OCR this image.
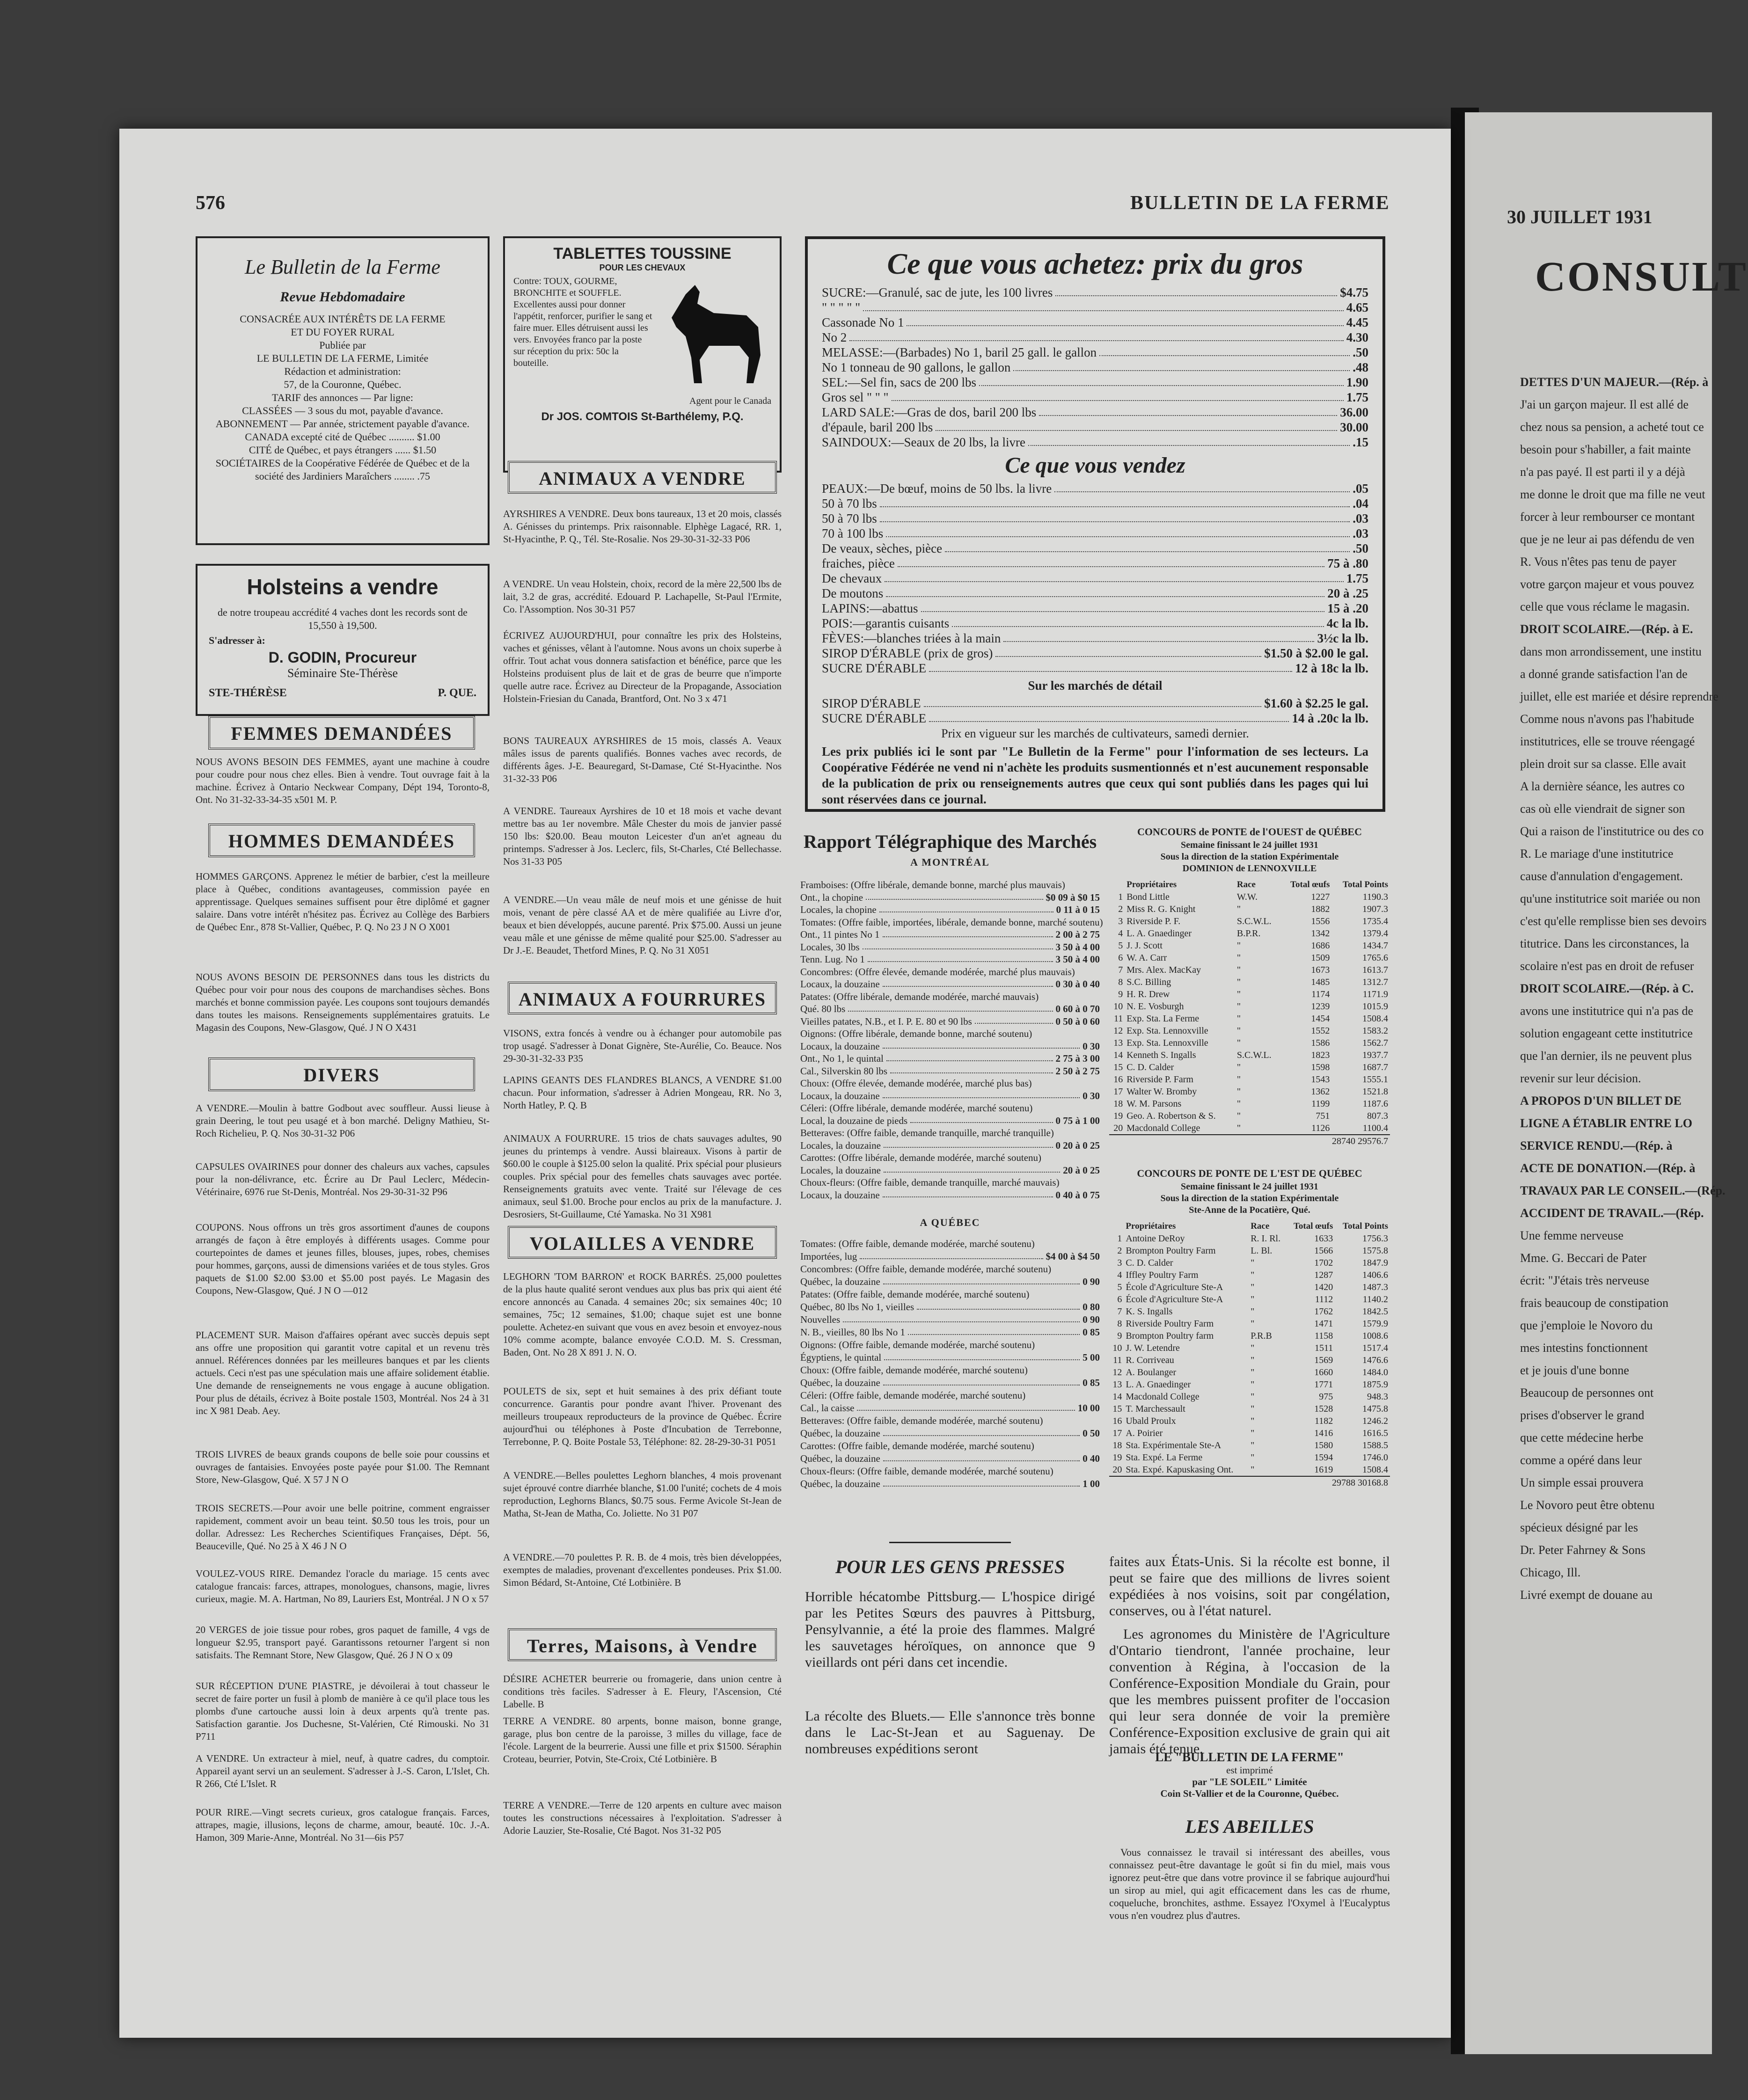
30 JUILLET 1931
CONSULT

DETTES D'UN MAJEUR.—(Rép. à

J'ai un garçon majeur. Il est allé de

chez nous sa pension, a acheté tout ce

besoin pour s'habiller, a fait mainte

n'a pas payé. Il est parti il y a déjà

me donne le droit que ma fille ne veut

forcer à leur rembourser ce montant

que je ne leur ai pas défendu de ven

R. Vous n'êtes pas tenu de payer

votre garçon majeur et vous pouvez

celle que vous réclame le magasin.

DROIT SCOLAIRE.—(Rép. à E.

dans mon arrondissement, une institu

a donné grande satisfaction l'an de

juillet, elle est mariée et désire reprendre

Comme nous n'avons pas l'habitude

institutrices, elle se trouve réengagé

plein droit sur sa classe. Elle avait

A la dernière séance, les autres co

cas où elle viendrait de signer son

Qui a raison de l'institutrice ou des co

R. Le mariage d'une institutrice

cause d'annulation d'engagement.

qu'une institutrice soit mariée ou non

c'est qu'elle remplisse bien ses devoirs

titutrice. Dans les circonstances, la

scolaire n'est pas en droit de refuser

DROIT SCOLAIRE.—(Rép. à C.

avons une institutrice qui n'a pas de

solution engageant cette institutrice

que l'an dernier, ils ne peuvent plus

revenir sur leur décision.

A PROPOS D'UN BILLET DE

LIGNE A ÉTABLIR ENTRE LO

SERVICE RENDU.—(Rép. à

ACTE DE DONATION.—(Rép. à

TRAVAUX PAR LE CONSEIL.—(Rép.

ACCIDENT DE TRAVAIL.—(Rép.

Une femme nerveuse

Mme. G. Beccari de Pater

écrit: "J'étais très nerveuse

frais beaucoup de constipation

que j'emploie le Novoro du

mes intestins fonctionnent

et je jouis d'une bonne

Beaucoup de personnes ont

prises d'observer le grand

que cette médecine herbe

comme a opéré dans leur

Un simple essai prouvera

Le Novoro peut être obtenu

spécieux désigné par les

Dr. Peter Fahrney & Sons

Chicago, Ill.

Livré exempt de douane au

576	BULLETIN DE LA FERME
Le Bulletin de la Ferme
Revue Hebdomadaire
CONSACRÉE AUX INTÉRÊTS DE LA FERME
ET DU FOYER RURAL
Publiée par
LE BULLETIN DE LA FERME, Limitée
Rédaction et administration:
57, de la Couronne, Québec.
TARIF des annonces — Par ligne:
CLASSÉES — 3 sous du mot, payable d'avance.
ABONNEMENT — Par année, strictement payable d'avance.
CANADA excepté cité de Québec .......... $1.00
CITÉ de Québec, et pays étrangers ...... $1.50
SOCIÉTAIRES de la Coopérative Fédérée de Québec et de la société des Jardiniers Maraîchers ........ .75
Holsteins a vendre
de notre troupeau accrédité 4 vaches dont les records sont de 15,550 à 19,500.
S'adresser à:
D. GODIN, Procureur
Séminaire Ste-Thérèse
STE-THÉRÈSE	P. QUE.
FEMMES DEMANDÉES
NOUS AVONS BESOIN DES FEMMES, ayant une machine à coudre pour coudre pour nous chez elles. Bien à vendre. Tout ouvrage fait à la machine. Écrivez à Ontario Neckwear Company, Dépt 194, Toronto-8, Ont. No 31-32-33-34-35 x501 M. P.
HOMMES DEMANDÉES
HOMMES GARÇONS. Apprenez le métier de barbier, c'est la meilleure place à Québec, conditions avantageuses, commission payée en apprentissage. Quelques semaines suffisent pour être diplômé et gagner salaire. Dans votre intérêt n'hésitez pas. Écrivez au Collège des Barbiers de Québec Enr., 878 St-Vallier, Québec, P. Q. No 23 J N O X001
NOUS AVONS BESOIN DE PERSONNES dans tous les districts du Québec pour voir pour nous des coupons de marchandises sèches. Bons marchés et bonne commission payée. Les coupons sont toujours demandés dans toutes les maisons. Renseignements supplémentaires gratuits. Le Magasin des Coupons, New-Glasgow, Qué. J N O X431
DIVERS
A VENDRE.—Moulin à battre Godbout avec souffleur. Aussi lieuse à grain Deering, le tout peu usagé et à bon marché. Deligny Mathieu, St-Roch Richelieu, P. Q. Nos 30-31-32 P06
CAPSULES OVAIRINES pour donner des chaleurs aux vaches, capsules pour la non-délivrance, etc. Écrire au Dr Paul Leclerc, Médecin-Vétérinaire, 6976 rue St-Denis, Montréal. Nos 29-30-31-32 P96
COUPONS. Nous offrons un très gros assortiment d'aunes de coupons arrangés de façon à être employés à différents usages. Comme pour courtepointes de dames et jeunes filles, blouses, jupes, robes, chemises pour hommes, garçons, aussi de dimensions variées et de tous styles. Gros paquets de $1.00 $2.00 $3.00 et $5.00 post payés. Le Magasin des Coupons, New-Glasgow, Qué. J N O —012
PLACEMENT SUR. Maison d'affaires opérant avec succès depuis sept ans offre une proposition qui garantit votre capital et un revenu très annuel. Références données par les meilleures banques et par les clients actuels. Ceci n'est pas une spéculation mais une affaire solidement établie. Une demande de renseignements ne vous engage à aucune obligation. Pour plus de détails, écrivez à Boite postale 1503, Montréal. Nos 24 à 31 inc X 981 Deab. Aey.
TROIS LIVRES de beaux grands coupons de belle soie pour coussins et ouvrages de fantaisies. Envoyées poste payée pour $1.00. The Remnant Store, New-Glasgow, Qué. X 57 J N O
TROIS SECRETS.—Pour avoir une belle poitrine, comment engraisser rapidement, comment avoir un beau teint. $0.50 tous les trois, pour un dollar. Adressez: Les Recherches Scientifiques Françaises, Dépt. 56, Beauceville, Qué. No 25 à X 46 J N O
VOULEZ-VOUS RIRE. Demandez l'oracle du mariage. 15 cents avec catalogue francais: farces, attrapes, monologues, chansons, magie, livres curieux, magie. M. A. Hartman, No 89, Lauriers Est, Montréal. J N O x 57
20 VERGES de joie tissue pour robes, gros paquet de famille, 4 vgs de longueur $2.95, transport payé. Garantissons retourner l'argent si non satisfaits. The Remnant Store, New Glasgow, Qué. 26 J N O x 09
SUR RÉCEPTION D'UNE PIASTRE, je dévoilerai à tout chasseur le secret de faire porter un fusil à plomb de manière à ce qu'il place tous les plombs d'une cartouche aussi loin à deux arpents qu'à trente pas. Satisfaction garantie. Jos Duchesne, St-Valérien, Cté Rimouski. No 31 P711
A VENDRE. Un extracteur à miel, neuf, à quatre cadres, du comptoir. Appareil ayant servi un an seulement. S'adresser à J.-S. Caron, L'Islet, Ch. R 266, Cté L'Islet. R
POUR RIRE.—Vingt secrets curieux, gros catalogue français. Farces, attrapes, magie, illusions, leçons de charme, amour, beauté. 10c. J.-A. Hamon, 309 Marie-Anne, Montréal. No 31—6is P57
TABLETTES TOUSSINE
POUR LES CHEVAUX
Contre: TOUX, GOURME, BRONCHITE et SOUFFLE. Excellentes aussi pour donner l'appétit, renforcer, purifier le sang et faire muer. Elles détruisent aussi les vers. Envoyées franco par la poste sur réception du prix: 50c la bouteille.
Agent pour le Canada
Dr JOS. COMTOIS St-Barthélemy, P.Q.
ANIMAUX A VENDRE
AYRSHIRES A VENDRE. Deux bons taureaux, 13 et 20 mois, classés A. Génisses du printemps. Prix raisonnable. Elphège Lagacé, RR. 1, St-Hyacinthe, P. Q., Tél. Ste-Rosalie. Nos 29-30-31-32-33 P06
A VENDRE. Un veau Holstein, choix, record de la mère 22,500 lbs de lait, 3.2 de gras, accrédité. Edouard P. Lachapelle, St-Paul l'Ermite, Co. l'Assomption. Nos 30-31 P57
ÉCRIVEZ AUJOURD'HUI, pour connaître les prix des Holsteins, vaches et génisses, vêlant à l'automne. Nous avons un choix superbe à offrir. Tout achat vous donnera satisfaction et bénéfice, parce que les Holsteins produisent plus de lait et de gras de beurre que n'importe quelle autre race. Écrivez au Directeur de la Propagande, Association Holstein-Friesian du Canada, Brantford, Ont. No 3 x 471
BONS TAUREAUX AYRSHIRES de 15 mois, classés A. Veaux mâles issus de parents qualifiés. Bonnes vaches avec records, de différents âges. J-E. Beauregard, St-Damase, Cté St-Hyacinthe. Nos 31-32-33 P06
A VENDRE. Taureaux Ayrshires de 10 et 18 mois et vache devant mettre bas au 1er novembre. Mâle Chester du mois de janvier passé 150 lbs: $20.00. Beau mouton Leicester d'un an'et agneau du printemps. S'adresser à Jos. Leclerc, fils, St-Charles, Cté Bellechasse. Nos 31-33 P05
A VENDRE.—Un veau mâle de neuf mois et une génisse de huit mois, venant de père classé AA et de mère qualifiée au Livre d'or, beaux et bien développés, aucune parenté. Prix $75.00. Aussi un jeune veau mâle et une génisse de même qualité pour $25.00. S'adresser au Dr J.-E. Beaudet, Thetford Mines, P. Q. No 31 X051
ANIMAUX A FOURRURES
VISONS, extra foncés à vendre ou à échanger pour automobile pas trop usagé. S'adresser à Donat Gignère, Ste-Aurélie, Co. Beauce. Nos 29-30-31-32-33 P35
LAPINS GEANTS DES FLANDRES BLANCS, A VENDRE $1.00 chacun. Pour information, s'adresser à Adrien Mongeau, RR. No 3, North Hatley, P. Q. B
ANIMAUX A FOURRURE. 15 trios de chats sauvages adultes, 90 jeunes du printemps à vendre. Aussi blaireaux. Visons à partir de $60.00 le couple à $125.00 selon la qualité. Prix spécial pour plusieurs couples. Prix spécial pour des femelles chats sauvages avec portée. Renseignements gratuits avec vente. Traité sur l'élevage de ces animaux, seul $1.00. Broche pour enclos au prix de la manufacture. J. Desrosiers, St-Guillaume, Cté Yamaska. No 31 X981
VOLAILLES A VENDRE
LEGHORN 'TOM BARRON' et ROCK BARRÉS. 25,000 poulettes de la plus haute qualité seront vendues aux plus bas prix qui aient été encore annoncés au Canada. 4 semaines 20c; six semaines 40c; 10 semaines, 75c; 12 semaines, $1.00; chaque sujet est une bonne poulette. Achetez-en suivant que vous en avez besoin et envoyez-nous 10% comme acompte, balance envoyée C.O.D. M. S. Cressman, Baden, Ont. No 28 X 891 J. N. O.
POULETS de six, sept et huit semaines à des prix défiant toute concurrence. Garantis pour pondre avant l'hiver. Provenant des meilleurs troupeaux reproducteurs de la province de Québec. Écrire aujourd'hui ou téléphones à Poste d'Incubation de Terrebonne, Terrebonne, P. Q. Boite Postale 53, Téléphone: 82. 28-29-30-31 P051
A VENDRE.—Belles poulettes Leghorn blanches, 4 mois provenant sujet éprouvé contre diarrhée blanche, $1.00 l'unité; cochets de 4 mois reproduction, Leghorns Blancs, $0.75 sous. Ferme Avicole St-Jean de Matha, St-Jean de Matha, Co. Joliette. No 31 P07
A VENDRE.—70 poulettes P. R. B. de 4 mois, très bien développées, exemptes de maladies, provenant d'excellentes pondeuses. Prix $1.00. Simon Bédard, St-Antoine, Cté Lotbinière. B
Terres, Maisons, à Vendre
DÉSIRE ACHETER beurrerie ou fromagerie, dans union centre à conditions très faciles. S'adresser à E. Fleury, l'Ascension, Cté Labelle. B
TERRE A VENDRE. 80 arpents, bonne maison, bonne grange, garage, plus bon centre de la paroisse, 3 milles du village, face de l'école. Largent de la beurrerie. Aussi une fille et prix $1500. Séraphin Croteau, beurrier, Potvin, Ste-Croix, Cté Lotbinière. B
TERRE A VENDRE.—Terre de 120 arpents en culture avec maison toutes les constructions nécessaires à l'exploitation. S'adresser à Adorie Lauzier, Ste-Rosalie, Cté Bagot. Nos 31-32 P05
Ce que vous achetez: prix du gros
SUCRE:—Granulé, sac de jute, les 100 livres	$4.75
" " " " "	4.65
Cassonade No 1	4.45
No 2	4.30
MELASSE:—(Barbades) No 1, baril 25 gall. le gallon	.50
No 1 tonneau de 90 gallons, le gallon	.48
SEL:—Sel fin, sacs de 200 lbs	1.90
Gros sel " " "	1.75
LARD SALE:—Gras de dos, baril 200 lbs	36.00
d'épaule, baril 200 lbs	30.00
SAINDOUX:—Seaux de 20 lbs, la livre	.15
Ce que vous vendez
PEAUX:—De bœuf, moins de 50 lbs. la livre	.05
50 à 70 lbs	.04
50 à 70 lbs	.03
70 à 100 lbs	.03
De veaux, sèches, pièce	.50
fraiches, pièce	75 à .80
De chevaux	1.75
De moutons	20 à .25
LAPINS:—abattus	15 à .20
POIS:—garantis cuisants	4c la lb.
FÈVES:—blanches triées à la main	3½c la lb.
SIROP D'ÉRABLE (prix de gros)	$1.50 à $2.00 le gal.
SUCRE D'ÉRABLE	12 à 18c la lb.
Sur les marchés de détail
SIROP D'ÉRABLE	$1.60 à $2.25 le gal.
SUCRE D'ÉRABLE	14 à .20c la lb.
Prix en vigueur sur les marchés de cultivateurs, samedi dernier.
Les prix publiés ici le sont par "Le Bulletin de la Ferme" pour l'information de ses lecteurs. La Coopérative Fédérée ne vend ni n'achète les produits susmentionnés et n'est aucunement responsable de la publication de prix ou renseignements autres que ceux qui sont publiés dans les pages qui lui sont réservées dans ce journal.
Rapport Télégraphique des Marchés
A MONTRÉAL
Framboises: (Offre libérale, demande bonne, marché plus mauvais)
Ont., la chopine	$0 09 à $0 15
Locales, la chopine	0 11 à 0 15
Tomates: (Offre faible, importées, libérale, demande bonne, marché soutenu)
Ont., 11 pintes No 1	2 00 à 2 75
Locales, 30 lbs	3 50 à 4 00
Tenn. Lug. No 1	3 50 à 4 00
Concombres: (Offre élevée, demande modérée, marché plus mauvais)
Locaux, la douzaine	0 30 à 0 40
Patates: (Offre libérale, demande modérée, marché mauvais)
Qué. 80 lbs	0 60 à 0 70
Vieilles patates, N.B., et I. P. E. 80 et 90 lbs	0 50 à 0 60
Oignons: (Offre libérale, demande bonne, marché soutenu)
Locaux, la douzaine	0 30
Ont., No 1, le quintal	2 75 à 3 00
Cal., Silverskin 80 lbs	2 50 à 2 75
Choux: (Offre élevée, demande modérée, marché plus bas)
Locaux, la douzaine	0 30
Céleri: (Offre libérale, demande modérée, marché soutenu)
Local, la douzaine de pieds	0 75 à 1 00
Betteraves: (Offre faible, demande tranquille, marché tranquille)
Locales, la douzaine	0 20 à 0 25
Carottes: (Offre libérale, demande modérée, marché soutenu)
Locales, la douzaine	20 à 0 25
Choux-fleurs: (Offre faible, demande tranquille, marché mauvais)
Locaux, la douzaine	0 40 à 0 75
A QUÉBEC
Tomates: (Offre faible, demande modérée, marché soutenu)
Importées, lug	$4 00 à $4 50
Concombres: (Offre faible, demande modérée, marché soutenu)
Québec, la douzaine	0 90
Patates: (Offre faible, demande modérée, marché soutenu)
Québec, 80 lbs No 1, vieilles	0 80
Nouvelles	0 90
N. B., vieilles, 80 lbs No 1	0 85
Oignons: (Offre faible, demande modérée, marché soutenu)
Égyptiens, le quintal	5 00
Choux: (Offre faible, demande modérée, marché soutenu)
Québec, la douzaine	0 85
Céleri: (Offre faible, demande modérée, marché soutenu)
Cal., la caisse	10 00
Betteraves: (Offre faible, demande modérée, marché soutenu)
Québec, la douzaine	0 50
Carottes: (Offre faible, demande modérée, marché soutenu)
Québec, la douzaine	0 40
Choux-fleurs: (Offre faible, demande modérée, marché soutenu)
Québec, la douzaine	1 00
POUR LES GENS PRESSES
Horrible hécatombe Pittsburg.— L'hospice dirigé par les Petites Sœurs des pauvres à Pittsburg, Pensylvannie, a été la proie des flammes. Malgré les sauvetages héroïques, on annonce que 9 vieillards ont péri dans cet incendie.
La récolte des Bluets.— Elle s'annonce très bonne dans le Lac-St-Jean et au Saguenay. De nombreuses expéditions seront
CONCOURS de PONTE de l'OUEST de QUÉBEC
Semaine finissant le 24 juillet 1931
Sous la direction de la station Expérimentale
DOMINION de LENNOXVILLE
	Propriétaires	Race	Total œufs	Total Points
1	Bond Little	W.W.	1227	1190.3
2	Miss R. G. Knight	"	1882	1907.3
3	Riverside P. F.	S.C.W.L.	1556	1735.4
4	L. A. Gnaedinger	B.P.R.	1342	1379.4
5	J. J. Scott	"	1686	1434.7
6	W. A. Carr	"	1509	1765.6
7	Mrs. Alex. MacKay	"	1673	1613.7
8	S.C. Billing	"	1485	1312.7
9	H. R. Drew	"	1174	1171.9
10	N. E. Vosburgh	"	1239	1015.9
11	Exp. Sta. La Ferme	"	1454	1508.4
12	Exp. Sta. Lennoxville	"	1552	1583.2
13	Exp. Sta. Lennoxville	"	1586	1562.7
14	Kenneth S. Ingalls	S.C.W.L.	1823	1937.7
15	C. D. Calder	"	1598	1687.7
16	Riverside P. Farm	"	1543	1555.1
17	Walter W. Bromby	"	1362	1521.8
18	W. M. Parsons	"	1199	1187.6
19	Geo. A. Robertson & S.	"	751	807.3
20	Macdonald College	"	1126	1100.4
28740 29576.7				
CONCOURS DE PONTE DE L'EST DE QUÉBEC
Semaine finissant le 24 juillet 1931
Sous la direction de la station Expérimentale
Ste-Anne de la Pocatière, Qué.
	Propriétaires	Race	Total œufs	Total Points
1	Antoine DeRoy	R. I. Rl.	1633	1756.3
2	Brompton Poultry Farm	L. Bl.	1566	1575.8
3	C. D. Calder	"	1702	1847.9
4	Iffley Poultry Farm	"	1287	1406.6
5	École d'Agriculture Ste-A	"	1420	1487.3
6	École d'Agriculture Ste-A	"	1112	1140.2
7	K. S. Ingalls	"	1762	1842.5
8	Riverside Poultry Farm	"	1471	1579.9
9	Brompton Poultry farm	P.R.B	1158	1008.6
10	J. W. Letendre	"	1511	1517.4
11	R. Corriveau	"	1569	1476.6
12	A. Boulanger	"	1660	1484.0
13	L. A. Gnaedinger	"	1771	1875.9
14	Macdonald College	"	975	948.3
15	T. Marchessault	"	1528	1475.8
16	Ubald Proulx	"	1182	1246.2
17	A. Poirier	"	1416	1616.5
18	Sta. Expérimentale Ste-A	"	1580	1588.5
19	Sta. Expé. La Ferme	"	1594	1746.0
20	Sta. Expé. Kapuskasing Ont.	"	1619	1508.4
29788 30168.8				
faites aux États-Unis. Si la récolte est bonne, il peut se faire que des millions de livres soient expédiées à nos voisins, soit par congélation, conserves, ou à l'état naturel.
Les agronomes du Ministère de l'Agriculture d'Ontario tiendront, l'année prochaine, leur convention à Régina, à l'occasion de la Conférence-Exposition Mondiale du Grain, pour que les membres puissent profiter de l'occasion qui leur sera donnée de voir la première Conférence-Exposition exclusive de grain qui ait jamais été tenue.
LE "BULLETIN DE LA FERME"
est imprimé
par "LE SOLEIL" Limitée
Coin St-Vallier et de la Couronne, Québec.
LES ABEILLES
Vous connaissez le travail si intéressant des abeilles, vous connaissez peut-être davantage le goût si fin du miel, mais vous ignorez peut-être que dans votre province il se fabrique aujourd'hui un sirop au miel, qui agit efficacement dans les cas de rhume, coqueluche, bronchites, asthme. Essayez l'Oxymel à l'Eucalyptus vous n'en voudrez plus d'autres.
